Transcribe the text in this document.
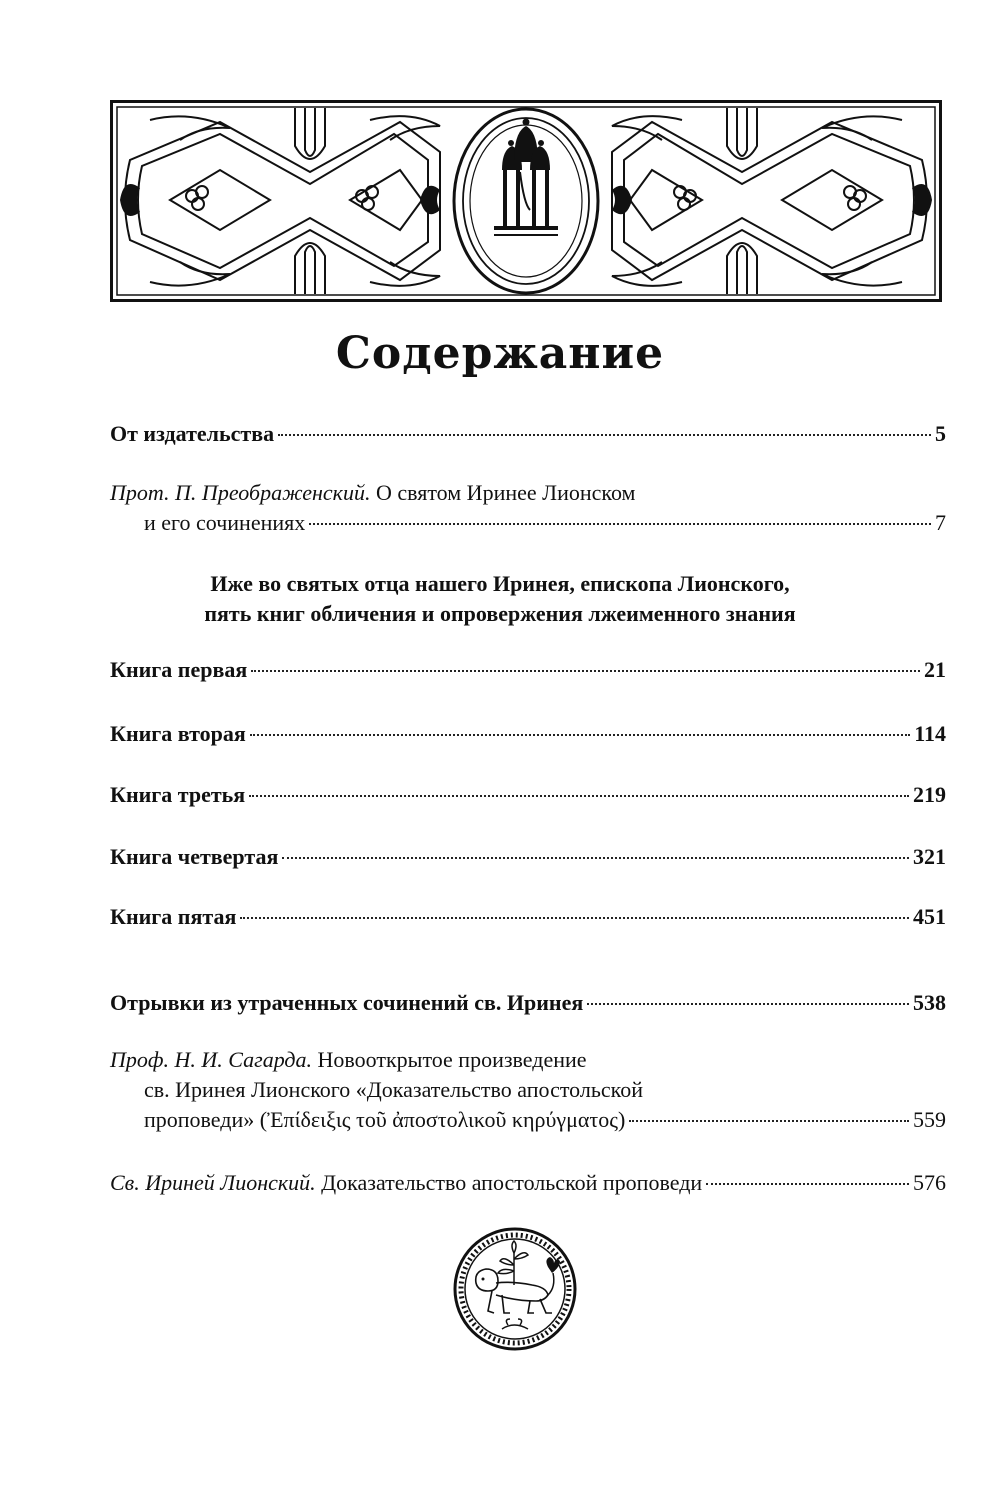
Содержание
От издательства	5
Прот. П. Преображенский. О святом Иринее Лионском
и его сочинениях	7
Иже во святых отца нашего Иринея, епископа Лионского,
пять книг обличения и опровержения лжеименного знания
Книга первая	21
Книга вторая	114
Книга третья	219
Книга четвертая	321
Книга пятая	451
Отрывки из утраченных сочинений св. Иринея	538
Проф. Н. И. Сагарда. Новооткрытое произведение
св. Иринея Лионского «Доказательство апостольской
проповеди» (Ἐπίδειξις τοῦ ἀποστολικοῦ κηρύγματος)	559
Св. Ириней Лионский. Доказательство апостольской проповеди	576
